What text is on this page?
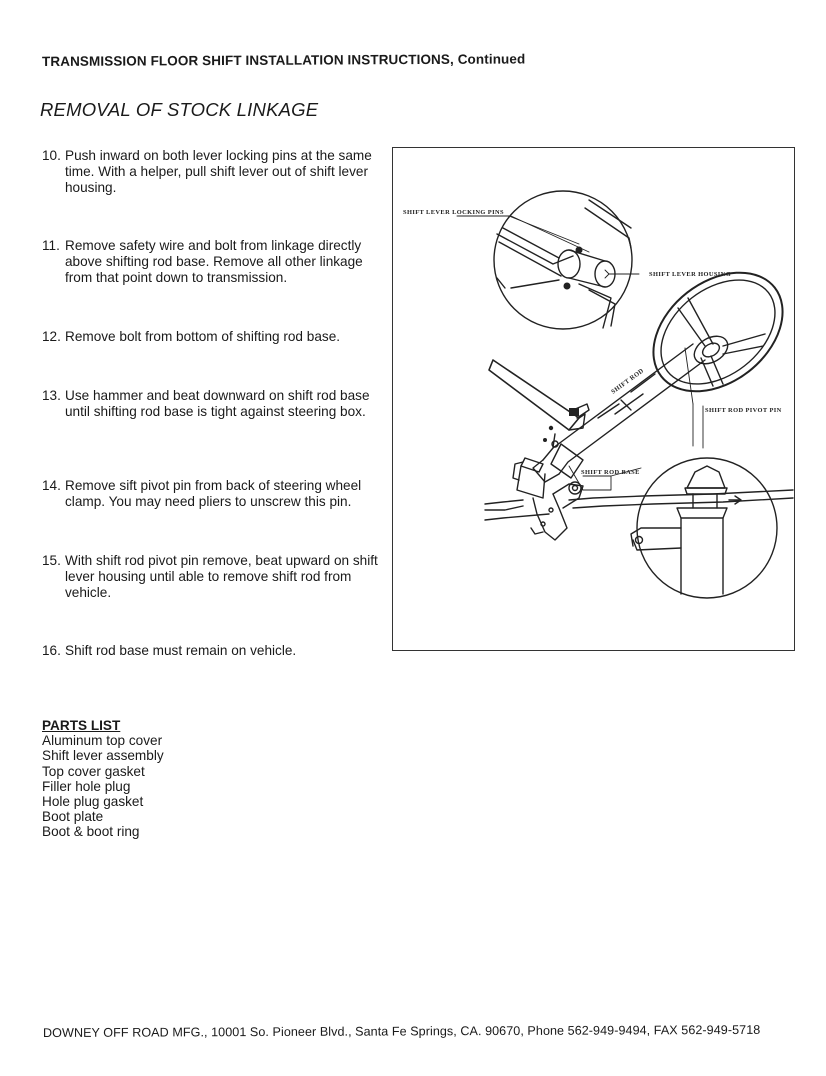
TRANSMISSION FLOOR SHIFT INSTALLATION INSTRUCTIONS, Continued
REMOVAL OF STOCK LINKAGE
10. Push inward on both lever locking pins at the same time. With a helper, pull shift lever out of shift lever housing.
11. Remove safety wire and bolt from linkage directly above shifting rod base. Remove all other linkage from that point down to transmission.
12. Remove bolt from bottom of shifting rod base.
13. Use hammer and beat downward on shift rod base until shifting rod base is tight against steering box.
14. Remove sift pivot pin from back of steering wheel clamp. You may need pliers to unscrew this pin.
15. With shift rod pivot pin remove, beat upward on shift lever housing until able to remove shift rod from vehicle.
16. Shift rod base must remain on vehicle.
SHIFT LEVER LOCKING PINS
SHIFT LEVER HOUSING
SHIFT ROD
SHIFT ROD PIVOT PIN
SHIFT ROD BASE
PARTS LIST
Aluminum top cover
Shift lever assembly
Top cover gasket
Filler hole plug
Hole plug gasket
Boot plate
Boot & boot ring
DOWNEY OFF ROAD MFG., 10001 So. Pioneer Blvd., Santa Fe Springs, CA. 90670, Phone 562-949-9494, FAX 562-949-5718
